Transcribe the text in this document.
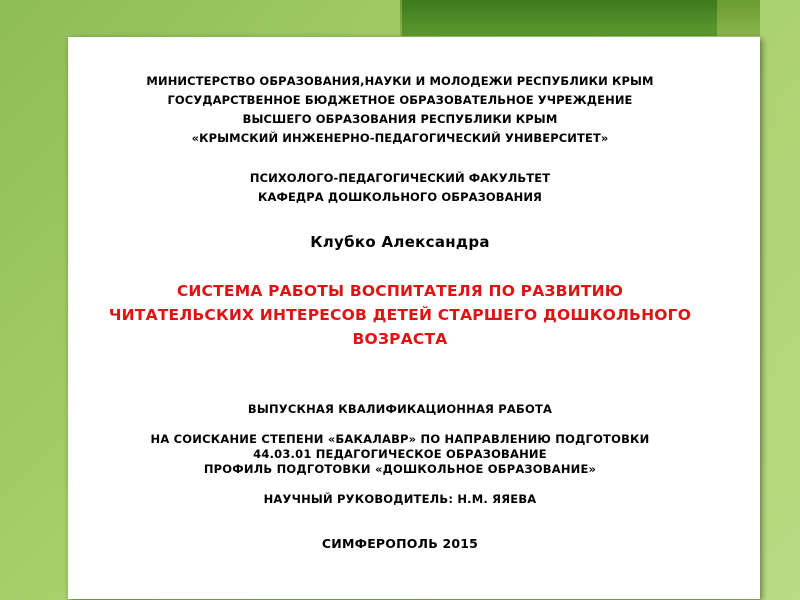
МИНИСТЕРСТВО ОБРАЗОВАНИЯ,НАУКИ И МОЛОДЕЖИ РЕСПУБЛИКИ КРЫМ
ГОСУДАРСТВЕННОЕ БЮДЖЕТНОЕ ОБРАЗОВАТЕЛЬНОЕ УЧРЕЖДЕНИЕ
ВЫСШЕГО ОБРАЗОВАНИЯ РЕСПУБЛИКИ КРЫМ
«КРЫМСКИЙ ИНЖЕНЕРНО-ПЕДАГОГИЧЕСКИЙ УНИВЕРСИТЕТ»
ПСИХОЛОГО-ПЕДАГОГИЧЕСКИЙ ФАКУЛЬТЕТ
КАФЕДРА ДОШКОЛЬНОГО ОБРАЗОВАНИЯ
Клубко Александра
СИСТЕМА РАБОТЫ ВОСПИТАТЕЛЯ ПО РАЗВИТИЮ
ЧИТАТЕЛЬСКИХ ИНТЕРЕСОВ ДЕТЕЙ СТАРШЕГО ДОШКОЛЬНОГО
ВОЗРАСТА
ВЫПУСКНАЯ КВАЛИФИКАЦИОННАЯ РАБОТА
НА СОИСКАНИЕ СТЕПЕНИ «БАКАЛАВР» ПО НАПРАВЛЕНИЮ ПОДГОТОВКИ
44.03.01 ПЕДАГОГИЧЕСКОЕ ОБРАЗОВАНИЕ
ПРОФИЛЬ ПОДГОТОВКИ «ДОШКОЛЬНОЕ ОБРАЗОВАНИЕ»
НАУЧНЫЙ РУКОВОДИТЕЛЬ: Н.М. ЯЯЕВА
СИМФЕРОПОЛЬ 2015
